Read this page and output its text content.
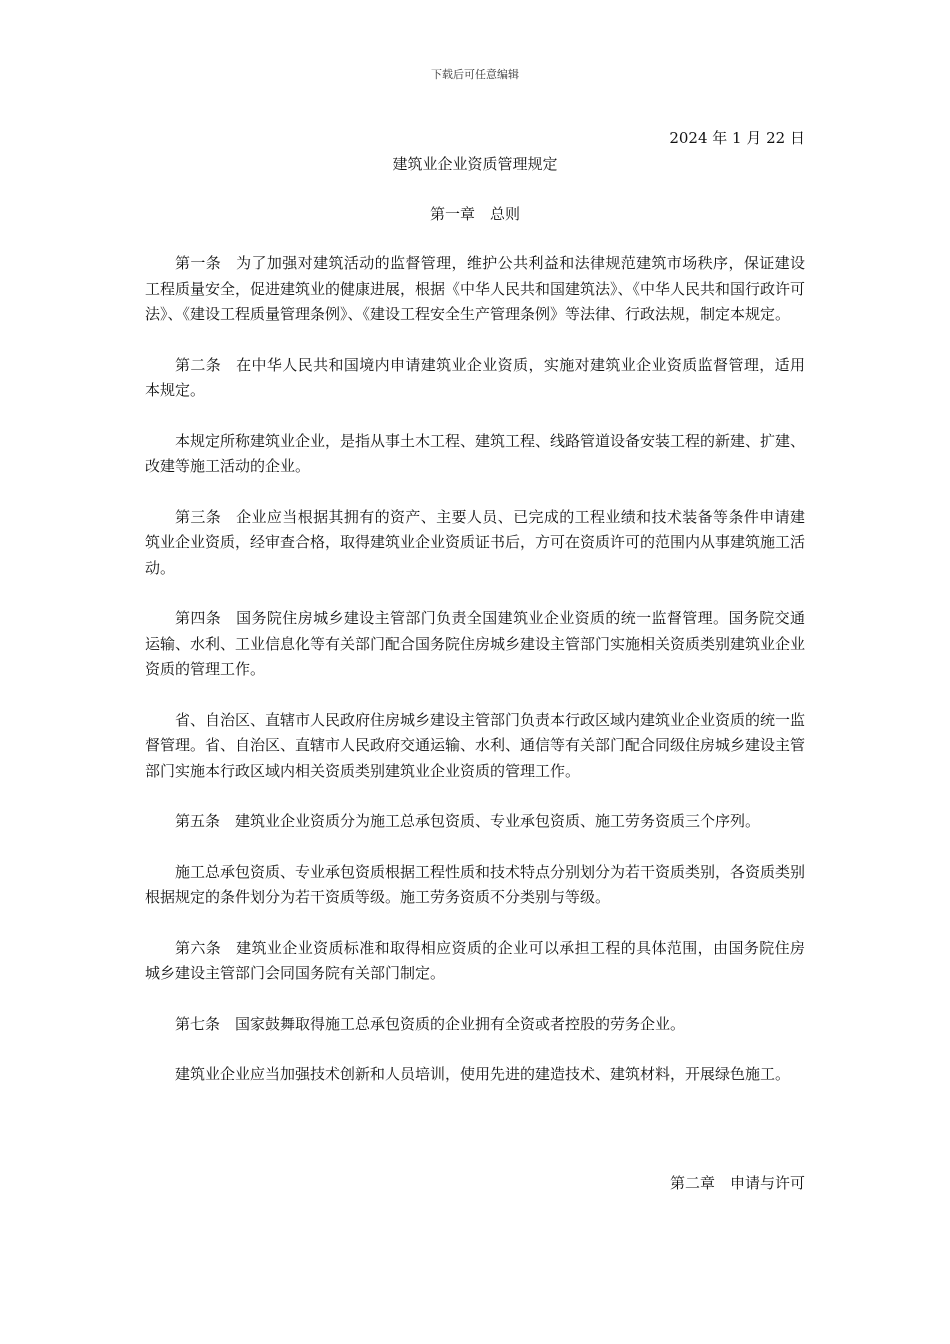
下载后可任意编辑
2024 年 1 月 22 日
建筑业企业资质管理规定
第一章 总则

第一条 为了加强对建筑活动的监督管理，维护公共利益和法律规范建筑市场秩序，保证建设工程质量安全，促进建筑业的健康进展，根据《中华人民共和国建筑法》、《中华人民共和国行政许可法》、《建设工程质量管理条例》、《建设工程安全生产管理条例》等法律、行政法规，制定本规定。

第二条 在中华人民共和国境内申请建筑业企业资质，实施对建筑业企业资质监督管理，适用本规定。

本规定所称建筑业企业，是指从事土木工程、建筑工程、线路管道设备安装工程的新建、扩建、改建等施工活动的企业。

第三条 企业应当根据其拥有的资产、主要人员、已完成的工程业绩和技术装备等条件申请建筑业企业资质，经审查合格，取得建筑业企业资质证书后，方可在资质许可的范围内从事建筑施工活动。

第四条 国务院住房城乡建设主管部门负责全国建筑业企业资质的统一监督管理。国务院交通运输、水利、工业信息化等有关部门配合国务院住房城乡建设主管部门实施相关资质类别建筑业企业资质的管理工作。

省、自治区、直辖市人民政府住房城乡建设主管部门负责本行政区域内建筑业企业资质的统一监督管理。省、自治区、直辖市人民政府交通运输、水利、通信等有关部门配合同级住房城乡建设主管部门实施本行政区域内相关资质类别建筑业企业资质的管理工作。

第五条 建筑业企业资质分为施工总承包资质、专业承包资质、施工劳务资质三个序列。

施工总承包资质、专业承包资质根据工程性质和技术特点分别划分为若干资质类别，各资质类别根据规定的条件划分为若干资质等级。施工劳务资质不分类别与等级。

第六条 建筑业企业资质标准和取得相应资质的企业可以承担工程的具体范围，由国务院住房城乡建设主管部门会同国务院有关部门制定。

第七条 国家鼓舞取得施工总承包资质的企业拥有全资或者控股的劳务企业。

建筑业企业应当加强技术创新和人员培训，使用先进的建造技术、建筑材料，开展绿色施工。

第二章 申请与许可
